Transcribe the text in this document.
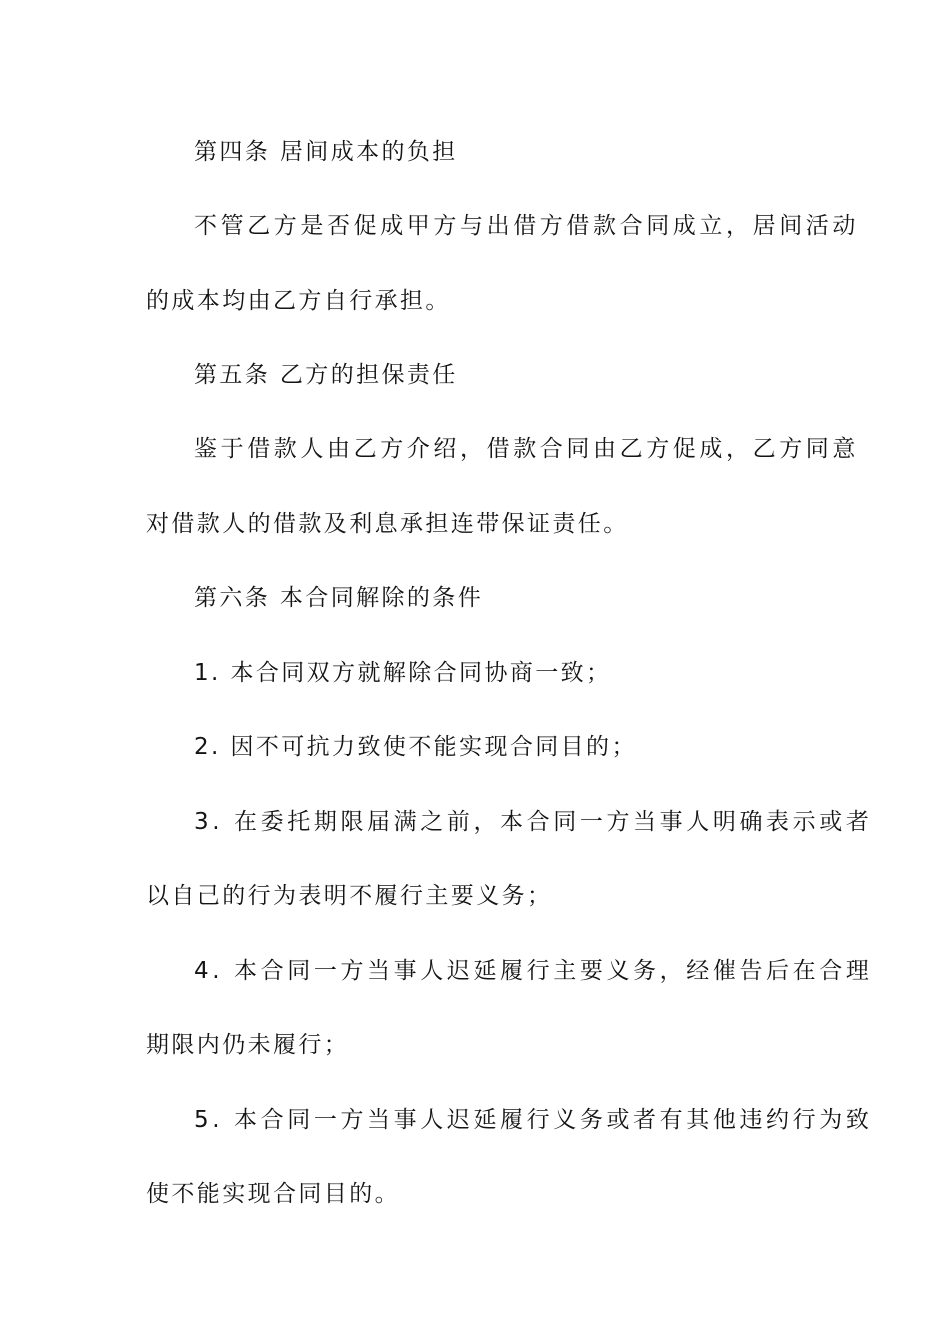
第四条 居间成本的负担
不管乙方是否促成甲方与出借方借款合同成立，居间活动
的成本均由乙方自行承担。
第五条 乙方的担保责任
鉴于借款人由乙方介绍，借款合同由乙方促成，乙方同意
对借款人的借款及利息承担连带保证责任。
第六条 本合同解除的条件
1. 本合同双方就解除合同协商一致；
2. 因不可抗力致使不能实现合同目的；
3. 在委托期限届满之前，本合同一方当事人明确表示或者
以自己的行为表明不履行主要义务；
4. 本合同一方当事人迟延履行主要义务，经催告后在合理
期限内仍未履行；
5. 本合同一方当事人迟延履行义务或者有其他违约行为致
使不能实现合同目的。
